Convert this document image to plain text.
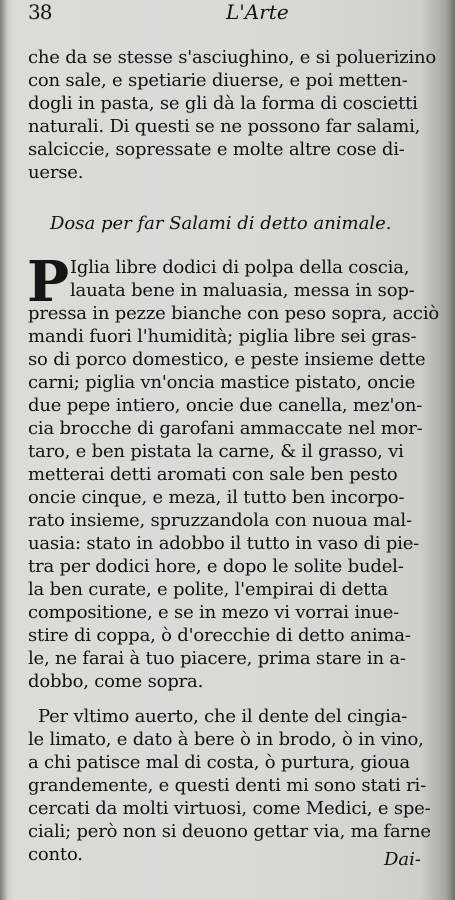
38	L'Arte
che da se stesse s'asciughino, e si poluerizino
con sale, e spetiarie diuerse, e poi metten-
dogli in pasta, se gli dà la forma di coscietti
naturali. Di questi se ne possono far salami,
salciccie, sopressate e molte altre cose di-
uerse.
Dosa per far Salami di detto animale.
P Iglia libre dodici di polpa della coscia,
lauata bene in maluasia, messa in sop-
pressa in pezze bianche con peso sopra, acciò
mandi fuori l'humidità; piglia libre sei gras-
so di porco domestico, e peste insieme dette
carni; piglia vn'oncia mastice pistato, oncie
due pepe intiero, oncie due canella, mez'on-
cia brocche di garofani ammaccate nel mor-
taro, e ben pistata la carne, & il grasso, vi
metterai detti aromati con sale ben pesto
oncie cinque, e meza, il tutto ben incorpo-
rato insieme, spruzzandola con nuoua mal-
uasia: stato in adobbo il tutto in vaso di pie-
tra per dodici hore, e dopo le solite budel-
la ben curate, e polite, l'empirai di detta
compositione, e se in mezo vi vorrai inue-
stire di coppa, ò d'orecchie di detto anima-
le, ne farai à tuo piacere, prima stare in a-
dobbo, come sopra.
Per vltimo auerto, che il dente del cingia-
le limato, e dato à bere ò in brodo, ò in vino,
a chi patisce mal di costa, ò purtura, gioua
grandemente, e questi denti mi sono stati ri-
cercati da molti virtuosi, come Medici, e spe-
ciali; però non si deuono gettar via, ma farne
conto.	Dai-
